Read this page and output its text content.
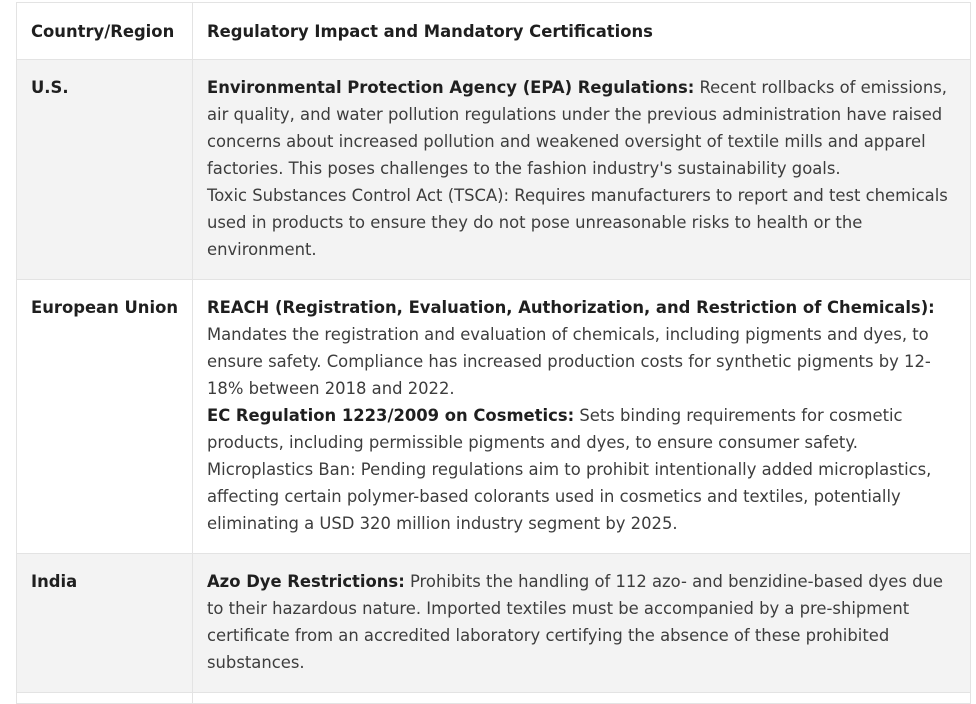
Country/Region	Regulatory Impact and Mandatory Certifications
U.S.	Environmental Protection Agency (EPA) Regulations: Recent rollbacks of emissions, air quality, and water pollution regulations under the previous administration have raised concerns about increased pollution and weakened oversight of textile mills and apparel factories. This poses challenges to the fashion industry's sustainability goals.
Toxic Substances Control Act (TSCA): Requires manufacturers to report and test chemicals used in products to ensure they do not pose unreasonable risks to health or the environment.

European Union	REACH (Registration, Evaluation, Authorization, and Restriction of Chemicals): Mandates the registration and evaluation of chemicals, including pigments and dyes, to ensure safety. Compliance has increased production costs for synthetic pigments by 12-18% between 2018 and 2022.
EC Regulation 1223/2009 on Cosmetics: Sets binding requirements for cosmetic products, including permissible pigments and dyes, to ensure consumer safety. Microplastics Ban: Pending regulations aim to prohibit intentionally added microplastics, affecting certain polymer-based colorants used in cosmetics and textiles, potentially eliminating a USD 320 million industry segment by 2025.

India	Azo Dye Restrictions: Prohibits the handling of 112 azo- and benzidine-based dyes due to their hazardous nature. Imported textiles must be accompanied by a pre-shipment certificate from an accredited laboratory certifying the absence of these prohibited substances.
